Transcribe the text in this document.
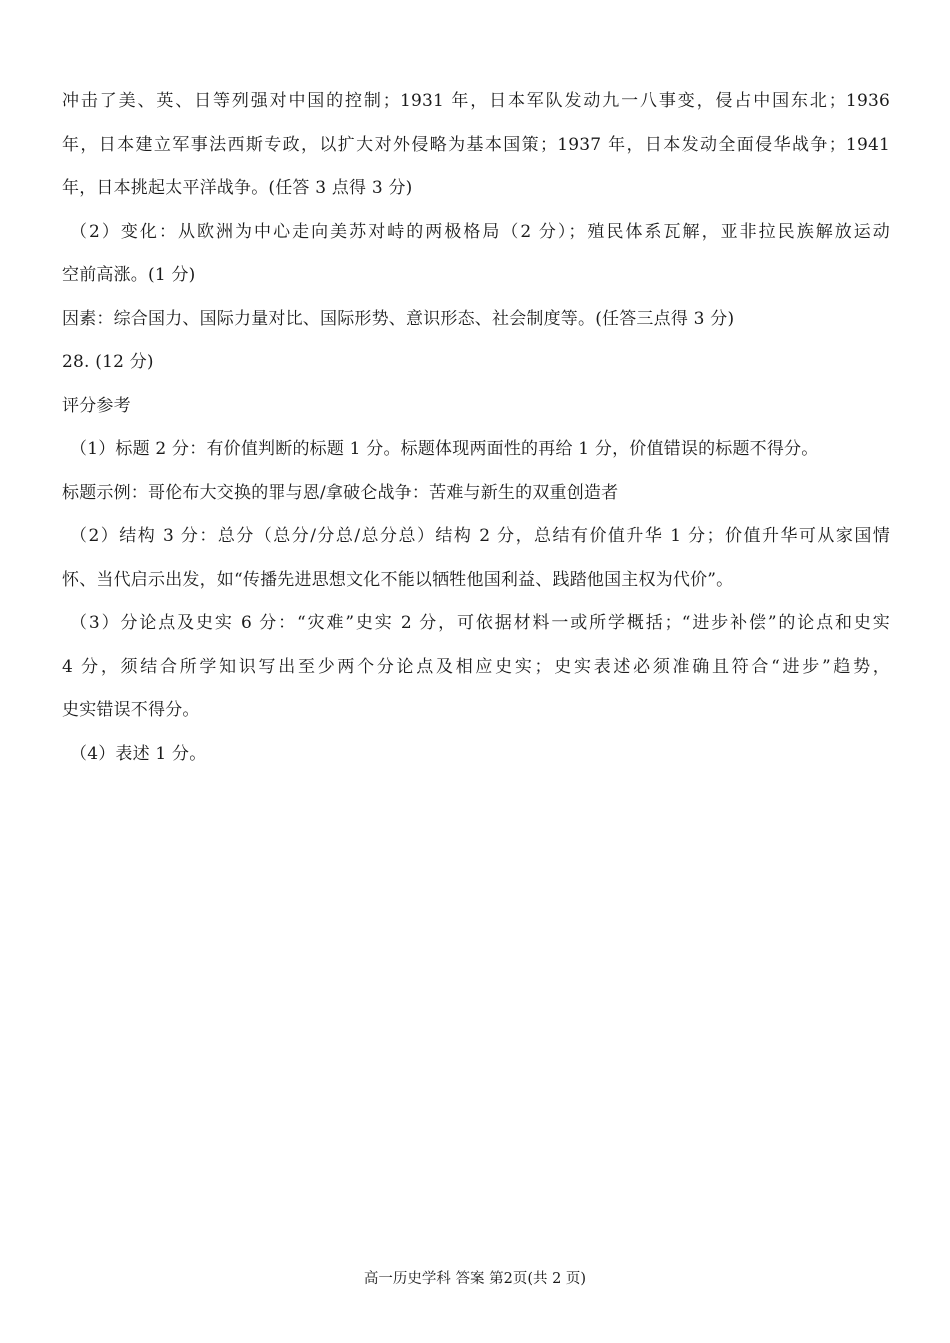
冲击了美、英、日等列强对中国的控制；1931 年，日本军队发动九一八事变，侵占中国东北；1936
年，日本建立军事法西斯专政，以扩大对外侵略为基本国策；1937 年，日本发动全面侵华战争；1941
年，日本挑起太平洋战争。(任答 3 点得 3 分)
（2）变化：从欧洲为中心走向美苏对峙的两极格局（2 分）；殖民体系瓦解，亚非拉民族解放运动
空前高涨。(1 分)
因素：综合国力、国际力量对比、国际形势、意识形态、社会制度等。(任答三点得 3 分)
28. (12 分)
评分参考
（1）标题 2 分：有价值判断的标题 1 分。标题体现两面性的再给 1 分，价值错误的标题不得分。
标题示例：哥伦布大交换的罪与恩/拿破仑战争：苦难与新生的双重创造者
（2）结构 3 分：总分（总分/分总/总分总）结构 2 分，总结有价值升华 1 分；价值升华可从家国情
怀、当代启示出发，如“传播先进思想文化不能以牺牲他国利益、践踏他国主权为代价”。
（3）分论点及史实 6 分：“灾难”史实 2 分，可依据材料一或所学概括；“进步补偿”的论点和史实
4 分，须结合所学知识写出至少两个分论点及相应史实；史实表述必须准确且符合“进步”趋势，
史实错误不得分。
（4）表述 1 分。
高一历史学科 答案 第2页(共 2 页)
